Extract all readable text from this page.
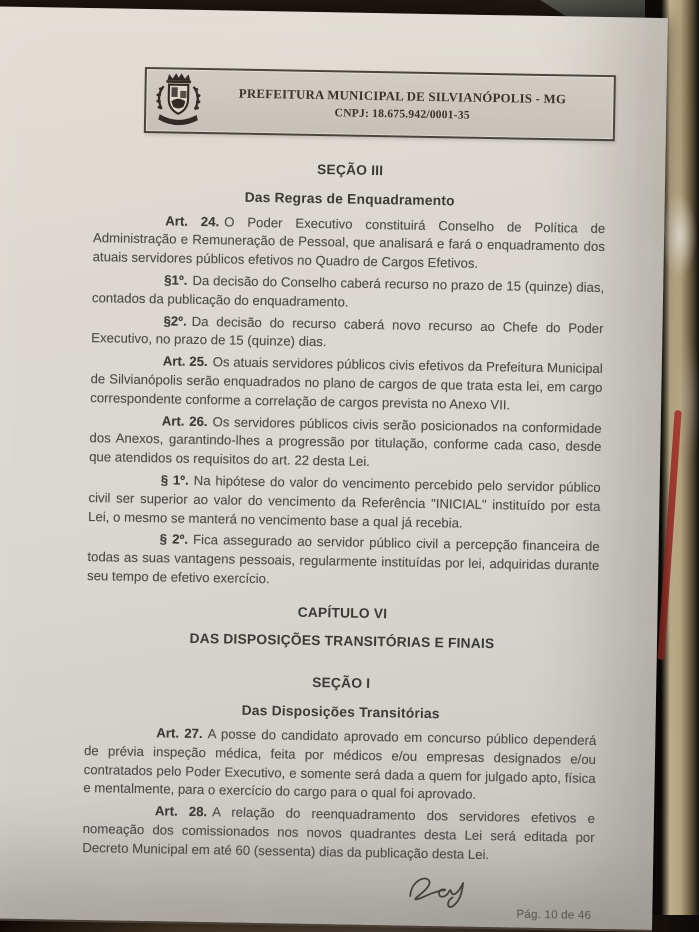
PREFEITURA MUNICIPAL DE SILVIANÓPOLIS - MG
CNPJ: 18.675.942/0001-35
SEÇÃO III
Das Regras de Enquadramento

Art. 24. O Poder Executivo constituirá Conselho de Política de Administração e Remuneração de Pessoal, que analisará e fará o enquadramento dos atuais servidores públicos efetivos no Quadro de Cargos Efetivos.

§1º. Da decisão do Conselho caberá recurso no prazo de 15 (quinze) dias, contados da publicação do enquadramento.

§2º. Da decisão do recurso caberá novo recurso ao Chefe do Poder Executivo, no prazo de 15 (quinze) dias.

Art. 25. Os atuais servidores públicos civis efetivos da Prefeitura Municipal de Silvianópolis serão enquadrados no plano de cargos de que trata esta lei, em cargo correspondente conforme a correlação de cargos prevista no Anexo VII.

Art. 26. Os servidores públicos civis serão posicionados na conformidade dos Anexos, garantindo-lhes a progressão por titulação, conforme cada caso, desde que atendidos os requisitos do art. 22 desta Lei.

§ 1º. Na hipótese do valor do vencimento percebido pelo servidor público civil ser superior ao valor do vencimento da Referência "INICIAL" instituído por esta Lei, o mesmo se manterá no vencimento base a qual já recebia.

§ 2º. Fica assegurado ao servidor público civil a percepção financeira de todas as suas vantagens pessoais, regularmente instituídas por lei, adquiridas durante seu tempo de efetivo exercício.

CAPÍTULO VI
DAS DISPOSIÇÕES TRANSITÓRIAS E FINAIS
SEÇÃO I
Das Disposições Transitórias

Art. 27. A posse do candidato aprovado em concurso público dependerá de prévia inspeção médica, feita por médicos e/ou empresas designados e/ou contratados pelo Poder Executivo, e somente será dada a quem for julgado apto, física e mentalmente, para o exercício do cargo para o qual foi aprovado.

Art. 28. A relação do reenquadramento dos servidores efetivos e nomeação dos comissionados nos novos quadrantes desta Lei será editada por Decreto Municipal em até 60 (sessenta) dias da publicação desta Lei.

Pág. 10 de 46
